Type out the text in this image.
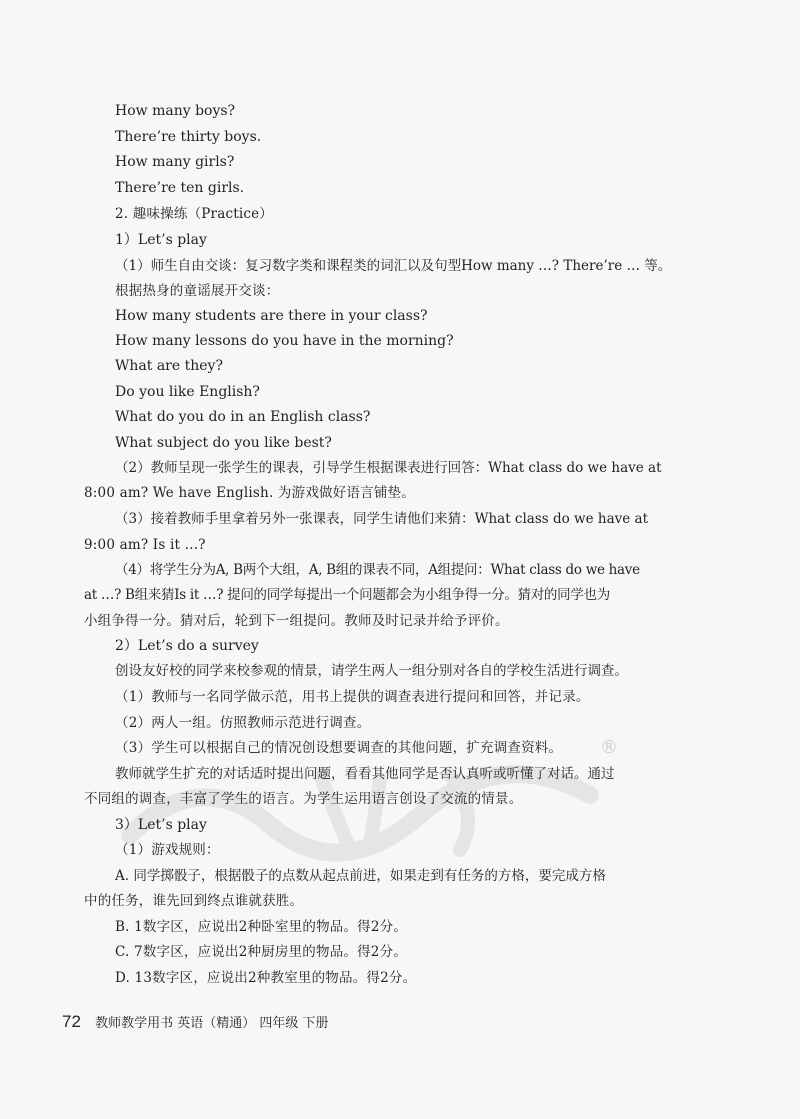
®
How many boys?
There’re thirty boys.
How many girls?
There’re ten girls.
2. 趣味操练（Practice）
1）Let’s play
（1）师生自由交谈：复习数字类和课程类的词汇以及句型How many …? There’re … 等。
根据热身的童谣展开交谈：
How many students are there in your class?
How many lessons do you have in the morning?
What are they?
Do you like English?
What do you do in an English class?
What subject do you like best?
（2）教师呈现一张学生的课表，引导学生根据课表进行回答：What class do we have at
8:00 am? We have English. 为游戏做好语言铺垫。
（3）接着教师手里拿着另外一张课表，同学生请他们来猜：What class do we have at
9:00 am? Is it …?
（4）将学生分为A, B两个大组，A, B组的课表不同，A组提问：What class do we have
at …? B组来猜Is it …? 提问的同学每提出一个问题都会为小组争得一分。猜对的同学也为
小组争得一分。猜对后，轮到下一组提问。教师及时记录并给予评价。
2）Let’s do a survey
创设友好校的同学来校参观的情景，请学生两人一组分别对各自的学校生活进行调查。
（1）教师与一名同学做示范，用书上提供的调查表进行提问和回答，并记录。
（2）两人一组。仿照教师示范进行调查。
（3）学生可以根据自己的情况创设想要调查的其他问题，扩充调查资料。
教师就学生扩充的对话适时提出问题，看看其他同学是否认真听或听懂了对话。通过
不同组的调查，丰富了学生的语言。为学生运用语言创设了交流的情景。
3）Let’s play
（1）游戏规则：
A. 同学掷骰子，根据骰子的点数从起点前进，如果走到有任务的方格，要完成方格
中的任务，谁先回到终点谁就获胜。
B. 1数字区，应说出2种卧室里的物品。得2分。
C. 7数字区，应说出2种厨房里的物品。得2分。
D. 13数字区，应说出2种教室里的物品。得2分。
72 教师教学用书 英语（精通） 四年级 下册
